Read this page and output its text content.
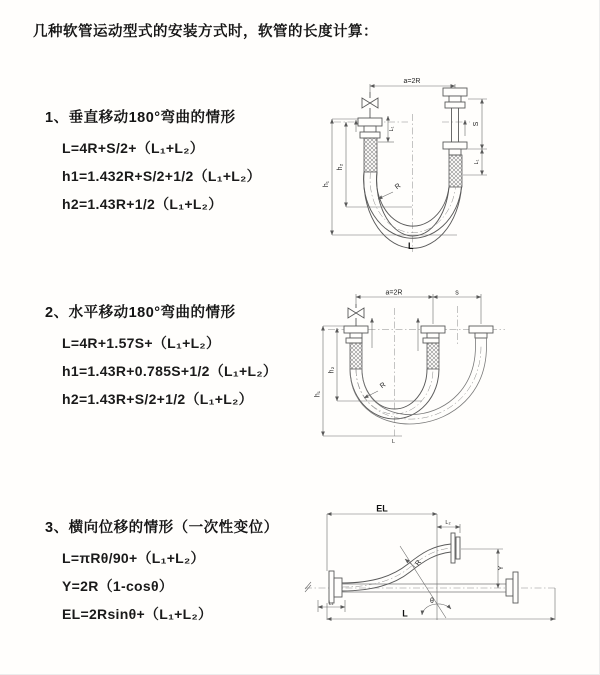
几种软管运动型式的安装方式时，软管的长度计算：
1、垂直移动180°弯曲的情形
L=4R+S/2+（L₁+L₂）
h1=1.432R+S/2+1/2（L₁+L₂）
h2=1.43R+1/2（L₁+L₂）
a=2R
S
L₁
L₁
h₁
h₂
R
L
2、水平移动180°弯曲的情形
L=4R+1.57S+（L₁+L₂）
h1=1.43R+0.785S+1/2（L₁+L₂）
h2=1.43R+S/2+1/2（L₁+L₂）
a=2R	s
h₁
h₂
R
L
3、横向位移的情形（一次性变位）
L=πRθ/90+（L₁+L₂）
Y=2R（1-cosθ）
EL=2Rsinθ+（L₁+L₂）
EL
L₂
Y
θ
R
L₁
L
